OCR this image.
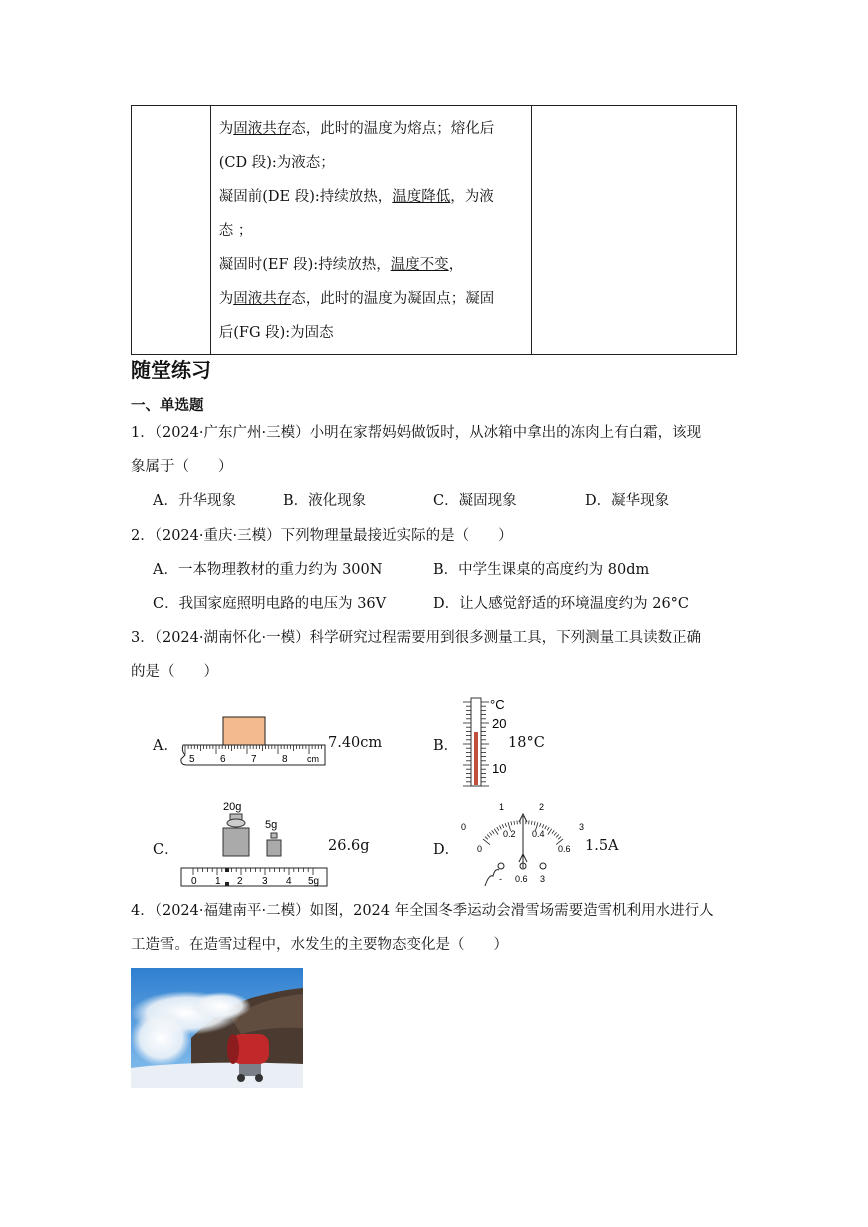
为固液共存态，此时的温度为熔点；熔化后
(CD 段):为液态；
凝固前(DE 段):持续放热，温度降低，为液
态 ；
凝固时(EF 段):持续放热，温度不变，
为固液共存态，此时的温度为凝固点；凝固
后(FG 段):为固态

随堂练习
一、单选题
1．（2024·广东广州·三模）小明在家帮妈妈做饭时，从冰箱中拿出的冻肉上有白霜，该现
象属于（　　）
A．升华现象	B．液化现象	C．凝固现象	D．凝华现象
2．（2024·重庆·三模）下列物理量最接近实际的是（　　）
A．一本物理教材的重力约为 300N	B．中学生课桌的高度约为 80dm
C．我国家庭照明电路的电压为 36V	D．让人感觉舒适的环境温度约为 26°C
3．（2024·湖南怀化·一模）科学研究过程需要用到很多测量工具，下列测量工具读数正确
的是（　　）
A．
5	6	7	8 cm
7.40cm	B．
°C
20
10
18°C
C．
20g
5g
0 1 2 3 4 5g
26.6g	D．
0
1	2
3
0
0.2 0.4
0.6
- 0.6 3
1.5A
4．（2024·福建南平·二模）如图，2024 年全国冬季运动会滑雪场需要造雪机利用水进行人
工造雪。在造雪过程中，水发生的主要物态变化是（　　）
